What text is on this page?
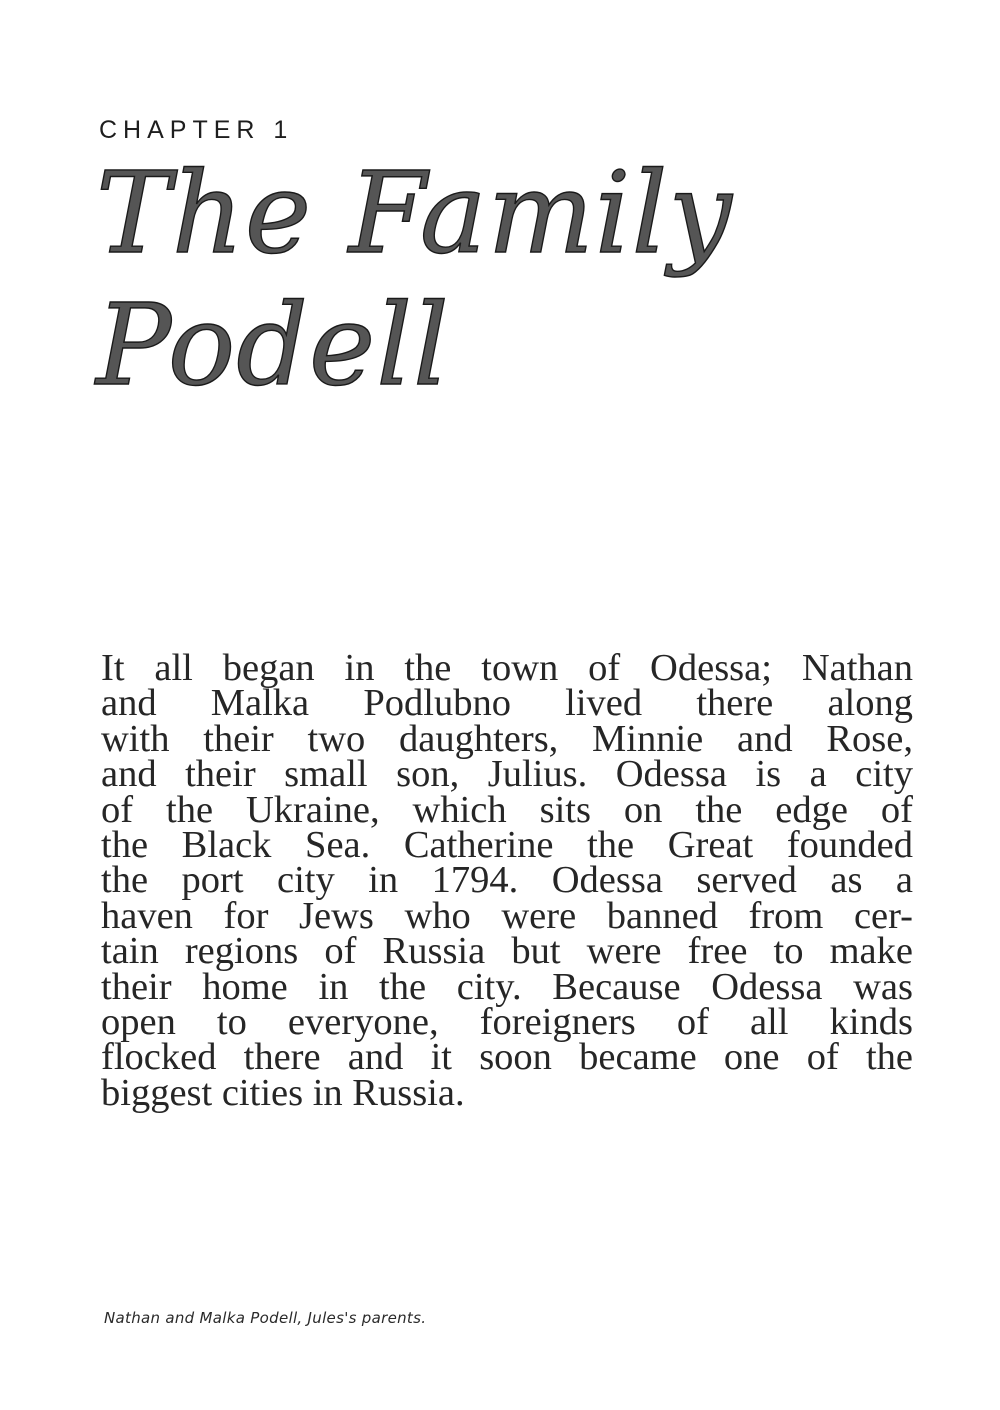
CHAPTER 1
The Family
Podell
It all began in the town of Odessa; Nathan
and Malka Podlubno lived there along
with their two daughters, Minnie and Rose,
and their small son, Julius. Odessa is a city
of the Ukraine, which sits on the edge of
the Black Sea. Catherine the Great founded
the port city in 1794. Odessa served as a
haven for Jews who were banned from cer-
tain regions of Russia but were free to make
their home in the city. Because Odessa was
open to everyone, foreigners of all kinds
flocked there and it soon became one of the
biggest cities in Russia.
Nathan and Malka Podell, Jules's parents.
